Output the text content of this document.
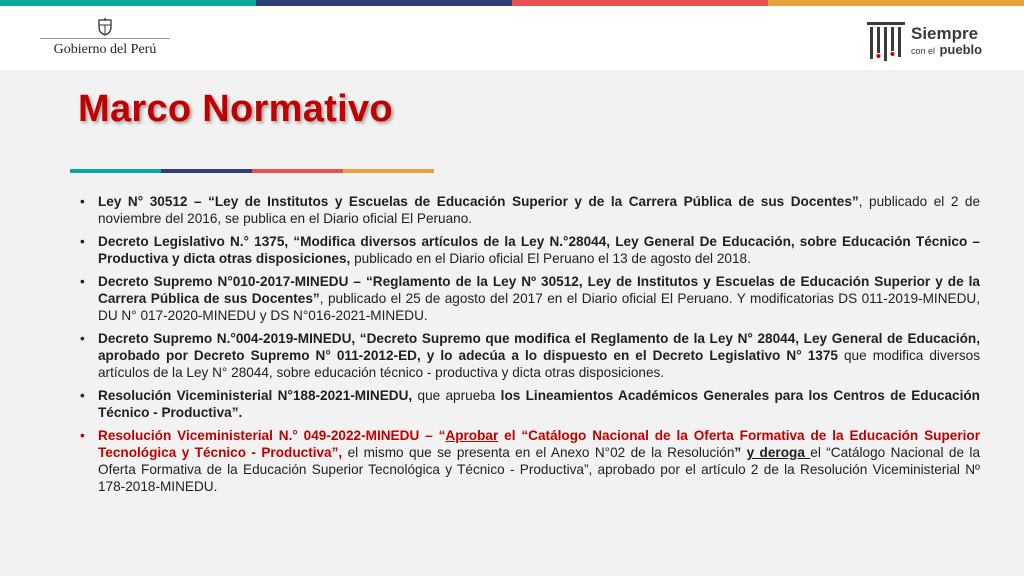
Gobierno del Perú
Siempre
con el pueblo
Marco Normativo
• Ley N° 30512 – “Ley de Institutos y Escuelas de Educación Superior y de la Carrera Pública de sus Docentes”, publicado el 2 de noviembre del 2016, se publica en el Diario oficial El Peruano.
• Decreto Legislativo N.° 1375, “Modifica diversos artículos de la Ley N.°28044, Ley General De Educación, sobre Educación Técnico – Productiva y dicta otras disposiciones, publicado en el Diario oficial El Peruano el 13 de agosto del 2018.
• Decreto Supremo N°010-2017-MINEDU – “Reglamento de la Ley Nº 30512, Ley de Institutos y Escuelas de Educación Superior y de la Carrera Pública de sus Docentes”, publicado el 25 de agosto del 2017 en el Diario oficial El Peruano. Y modificatorias DS 011-2019-MINEDU, DU N° 017-2020-MINEDU y DS N°016-2021-MINEDU.
• Decreto Supremo N.°004-2019-MINEDU, “Decreto Supremo que modifica el Reglamento de la Ley N° 28044, Ley General de Educación, aprobado por Decreto Supremo N° 011-2012-ED, y lo adecúa a lo dispuesto en el Decreto Legislativo N° 1375 que modifica diversos artículos de la Ley N° 28044, sobre educación técnico - productiva y dicta otras disposiciones.
• Resolución Viceministerial N°188-2021-MINEDU, que aprueba los Lineamientos Académicos Generales para los Centros de Educación Técnico - Productiva”.
• Resolución Viceministerial N.° 049-2022-MINEDU – “Aprobar el “Catálogo Nacional de la Oferta Formativa de la Educación Superior Tecnológica y Técnico - Productiva”, el mismo que se presenta en el Anexo N°02 de la Resolución” y deroga el “Catálogo Nacional de la Oferta Formativa de la Educación Superior Tecnológica y Técnico - Productiva”, aprobado por el artículo 2 de la Resolución Viceministerial Nº 178-2018-MINEDU.
